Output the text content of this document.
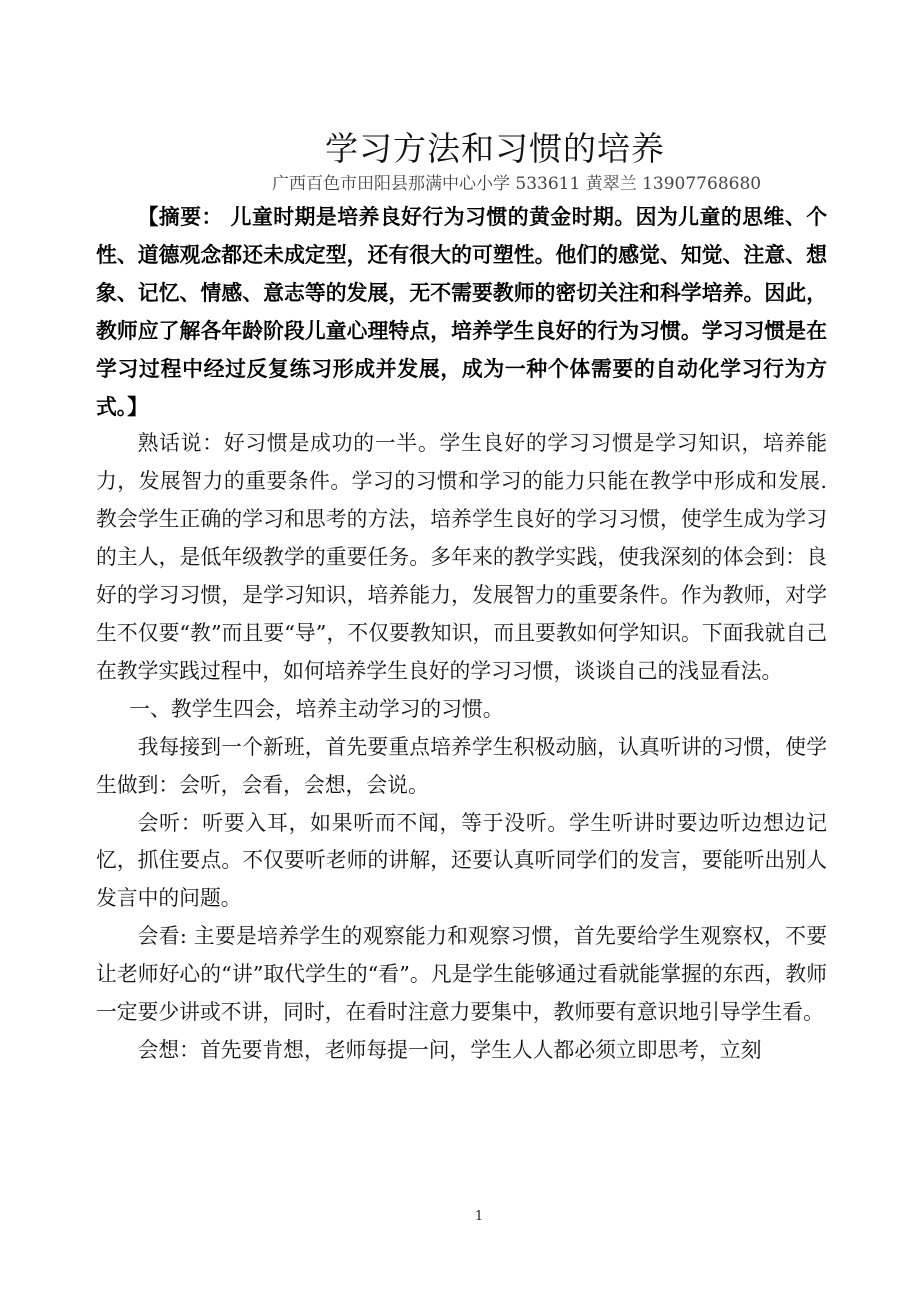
学习方法和习惯的培养
广西百色市田阳县那满中心小学 533611 黄翠兰 13907768680

【摘要： 儿童时期是培养良好行为习惯的黄金时期。因为儿童的思维、个性、道德观念都还未成定型，还有很大的可塑性。他们的感觉、知觉、注意、想象、记忆、情感、意志等的发展，无不需要教师的密切关注和科学培养。因此，教师应了解各年龄阶段儿童心理特点，培养学生良好的行为习惯。学习习惯是在学习过程中经过反复练习形成并发展，成为一种个体需要的自动化学习行为方式。】

熟话说：好习惯是成功的一半。学生良好的学习习惯是学习知识，培养能力，发展智力的重要条件。学习的习惯和学习的能力只能在教学中形成和发展. 教会学生正确的学习和思考的方法，培养学生良好的学习习惯，使学生成为学习的主人，是低年级教学的重要任务。多年来的教学实践，使我深刻的体会到：良好的学习习惯，是学习知识，培养能力，发展智力的重要条件。作为教师，对学生不仅要“教”而且要“导”，不仅要教知识，而且要教如何学知识。下面我就自己在教学实践过程中，如何培养学生良好的学习习惯，谈谈自己的浅显看法。

一、教学生四会，培养主动学习的习惯。

我每接到一个新班，首先要重点培养学生积极动脑，认真听讲的习惯，使学生做到：会听，会看，会想，会说。

会听：听要入耳，如果听而不闻，等于没听。学生听讲时要边听边想边记忆，抓住要点。不仅要听老师的讲解，还要认真听同学们的发言，要能听出别人发言中的问题。

会看: 主要是培养学生的观察能力和观察习惯，首先要给学生观察权，不要让老师好心的“讲”取代学生的“看”。凡是学生能够通过看就能掌握的东西，教师一定要少讲或不讲，同时，在看时注意力要集中，教师要有意识地引导学生看。

会想：首先要肯想，老师每提一问，学生人人都必须立即思考，立刻

1
